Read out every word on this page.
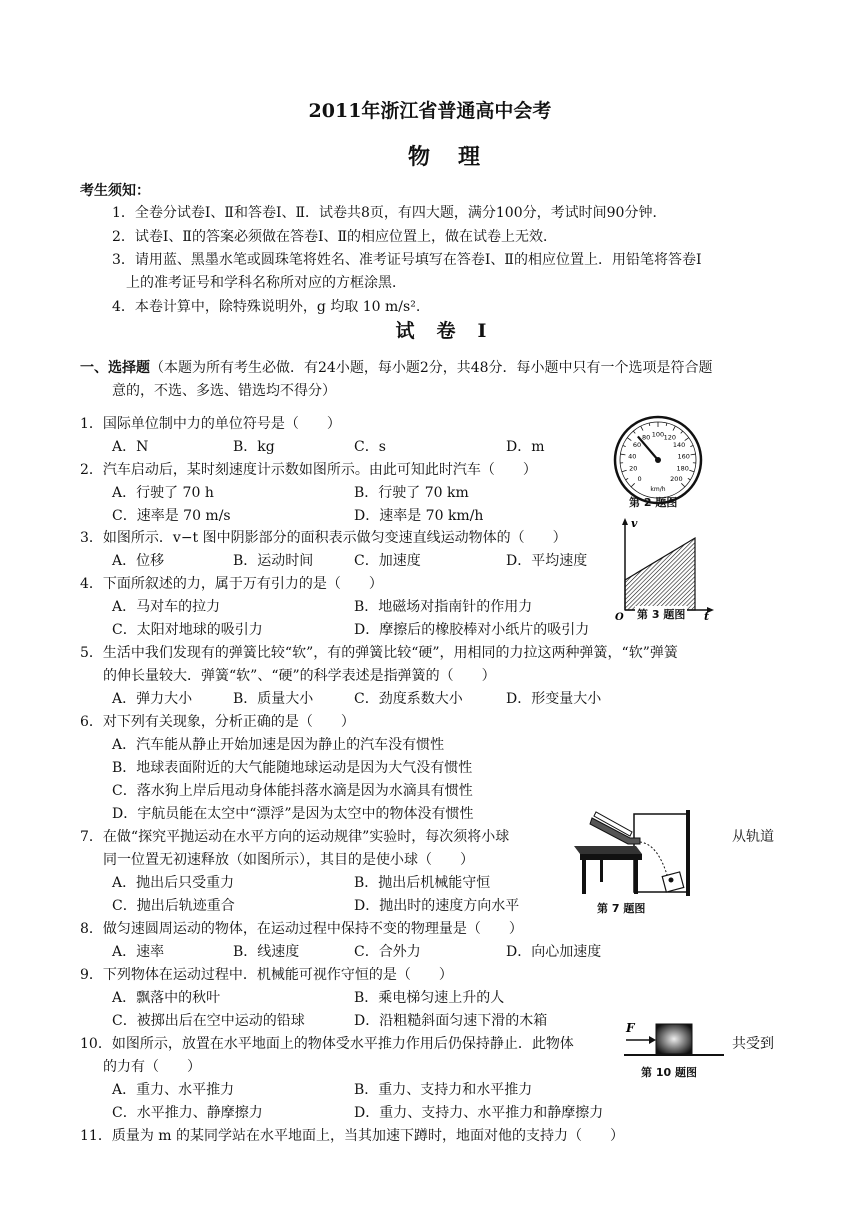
2011年浙江省普通高中会考
物理
考生须知：
1．全卷分试卷Ⅰ、Ⅱ和答卷Ⅰ、Ⅱ．试卷共8页，有四大题，满分100分，考试时间90分钟．
2．试卷Ⅰ、Ⅱ的答案必须做在答卷Ⅰ、Ⅱ的相应位置上，做在试卷上无效．
3．请用蓝、黑墨水笔或圆珠笔将姓名、准考证号填写在答卷Ⅰ、Ⅱ的相应位置上．用铅笔将答卷Ⅰ
上的准考证号和学科名称所对应的方框涂黑．
4．本卷计算中，除特殊说明外，g 均取 10 m/s².
试卷Ⅰ
一、选择题（本题为所有考生必做．有24小题，每小题2分，共48分．每小题中只有一个选项是符合题
意的，不选、多选、错选均不得分）
1．国际单位制中力的单位符号是（　　）
A．N	B．kg	C．s	D．m
2．汽车启动后，某时刻速度计示数如图所示。由此可知此时汽车（　　）
A．行驶了 70 h	B．行驶了 70 km
C．速率是 70 m/s	D．速率是 70 km/h
3．如图所示．v−t 图中阴影部分的面积表示做匀变速直线运动物体的（　　）
A．位移	B．运动时间	C．加速度	D．平均速度
4．下面所叙述的力，属于万有引力的是（　　）
A．马对车的拉力	B．地磁场对指南针的作用力
C．太阳对地球的吸引力	D．摩擦后的橡胶棒对小纸片的吸引力
5．生活中我们发现有的弹簧比较“软”，有的弹簧比较“硬”，用相同的力拉这两种弹簧，“软”弹簧
的伸长量较大．弹簧“软”、“硬”的科学表述是指弹簧的（　　）
A．弹力大小	B．质量大小	C．劲度系数大小	D．形变量大小
6．对下列有关现象，分析正确的是（　　）
A．汽车能从静止开始加速是因为静止的汽车没有惯性
B．地球表面附近的大气能随地球运动是因为大气没有惯性
C．落水狗上岸后甩动身体能抖落水滴是因为水滴具有惯性
D．宇航员能在太空中“漂浮”是因为太空中的物体没有惯性
7．在做“探究平抛运动在水平方向的运动规律”实验时，每次须将小球	从轨道
同一位置无初速释放（如图所示），其目的是使小球（　　）
A．抛出后只受重力	B．抛出后机械能守恒
C．抛出后轨迹重合	D．抛出时的速度方向水平
8．做匀速圆周运动的物体，在运动过程中保持不变的物理量是（　　）
A．速率	B．线速度	C．合外力	D．向心加速度
9．下列物体在运动过程中．机械能可视作守恒的是（　　）
A．飘落中的秋叶	B．乘电梯匀速上升的人
C．被掷出后在空中运动的铅球	D．沿粗糙斜面匀速下滑的木箱
10．如图所示，放置在水平地面上的物体受水平推力作用后仍保持静止．此物体	共受到
的力有（　　）
A．重力、水平推力	B．重力、支持力和水平推力
C．水平推力、静摩擦力	D．重力、支持力、水平推力和静摩擦力
11．质量为 m 的某同学站在水平地面上，当其加速下蹲时，地面对他的支持力（　　）
0
20
40
60
80 100 120
140
160
180
200
km/h
第 2 题图
v
O	t
第 3 题图
第 7 题图
F
第 10 题图
